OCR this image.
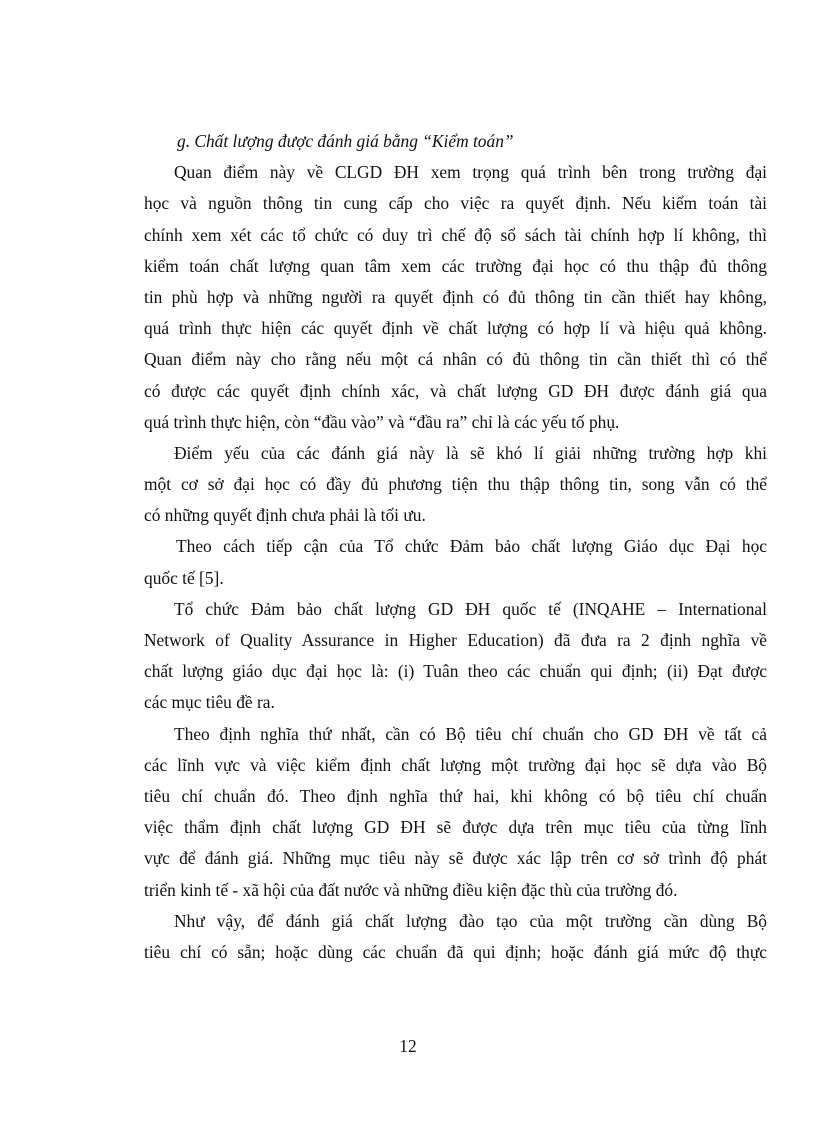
g. Chất lượng được đánh giá bằng “Kiểm toán”
Quan điểm này về CLGD ĐH xem trọng quá trình bên trong trường đại
học và nguồn thông tin cung cấp cho việc ra quyết định. Nếu kiểm toán tài
chính xem xét các tổ chức có duy trì chế độ sổ sách tài chính hợp lí không, thì
kiểm toán chất lượng quan tâm xem các trường đại học có thu thập đủ thông
tin phù hợp và những người ra quyết định có đủ thông tin cần thiết hay không,
quá trình thực hiện các quyết định về chất lượng có hợp lí và hiệu quả không.
Quan điểm này cho rằng nếu một cá nhân có đủ thông tin cần thiết thì có thể
có được các quyết định chính xác, và chất lượng GD ĐH được đánh giá qua
quá trình thực hiện, còn “đầu vào” và “đầu ra” chỉ là các yếu tố phụ.
Điểm yếu của các đánh giá này là sẽ khó lí giải những trường hợp khi
một cơ sở đại học có đầy đủ phương tiện thu thập thông tin, song vẫn có thể
có những quyết định chưa phải là tối ưu.
Theo cách tiếp cận của Tổ chức Đảm bảo chất lượng Giáo dục Đại học
quốc tế [5].
Tổ chức Đảm bảo chất lượng GD ĐH quốc tế (INQAHE – International
Network of Quality Assurance in Higher Education) đã đưa ra 2 định nghĩa về
chất lượng giáo dục đại học là: (i) Tuân theo các chuẩn qui định; (ii) Đạt được
các mục tiêu đề ra.
Theo định nghĩa thứ nhất, cần có Bộ tiêu chí chuẩn cho GD ĐH về tất cả
các lĩnh vực và việc kiểm định chất lượng một trường đại học sẽ dựa vào Bộ
tiêu chí chuẩn đó. Theo định nghĩa thứ hai, khi không có bộ tiêu chí chuẩn
việc thẩm định chất lượng GD ĐH sẽ được dựa trên mục tiêu của từng lĩnh
vực để đánh giá. Những mục tiêu này sẽ được xác lập trên cơ sở trình độ phát
triển kinh tế - xã hội của đất nước và những điều kiện đặc thù của trường đó.
Như vậy, để đánh giá chất lượng đào tạo của một trường cần dùng Bộ
tiêu chí có sẵn; hoặc dùng các chuẩn đã qui định; hoặc đánh giá mức độ thực
12
